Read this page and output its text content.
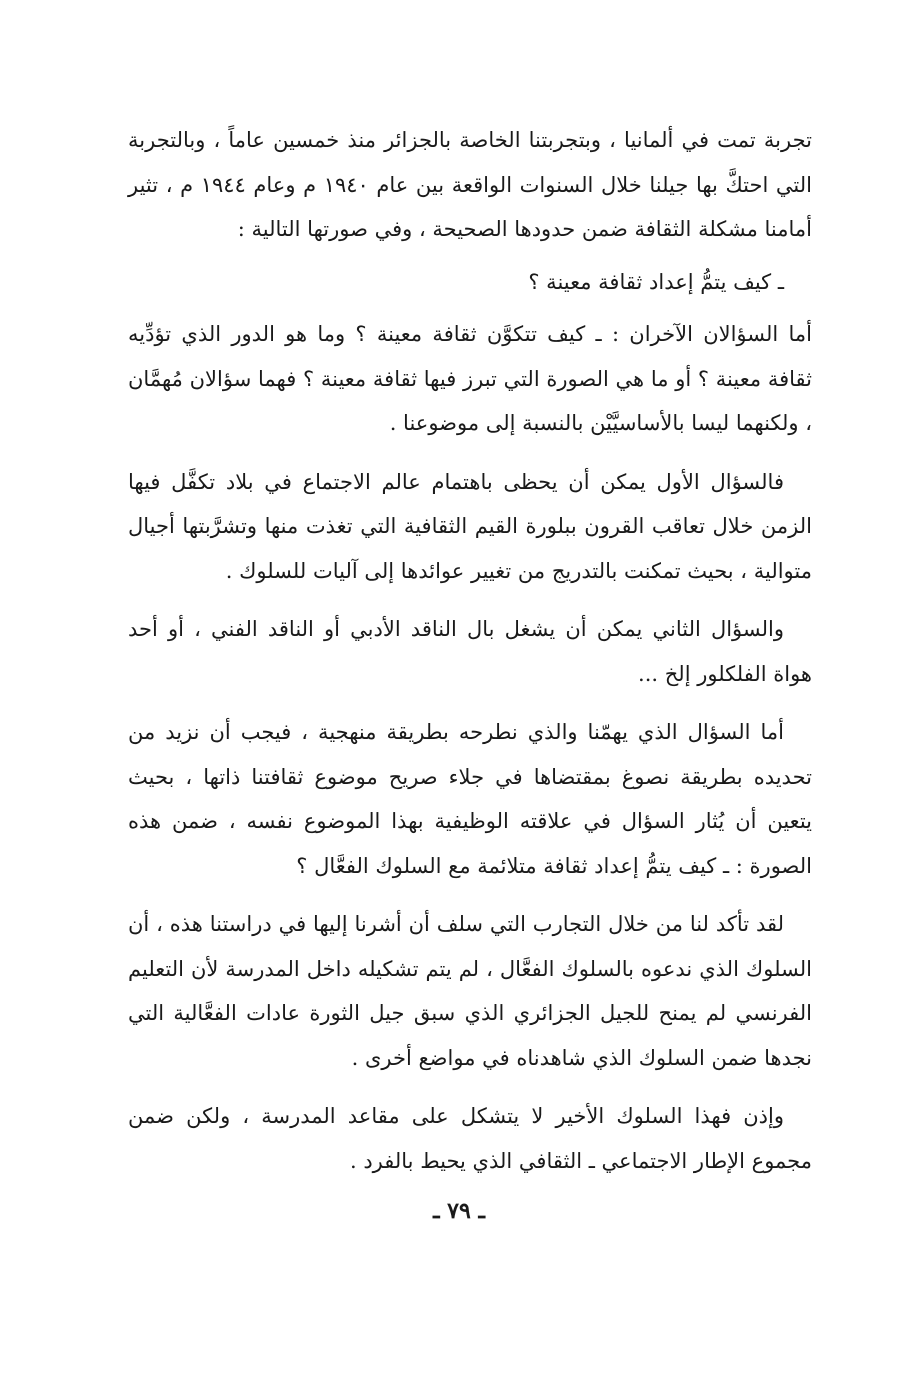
تجربة تمت في ألمانيا ، وبتجربتنا الخاصة بالجزائر منذ خمسين عاماً ، وبالتجربة التي احتكَّ بها جيلنا خلال السنوات الواقعة بين عام ١٩٤٠ م وعام ١٩٤٤ م ، تثير أمامنا مشكلة الثقافة ضمن حدودها الصحيحة ، وفي صورتها التالية :

ـ كيف يتمُّ إعداد ثقافة معينة ؟

أما السؤالان الآخران : ـ كيف تتكوَّن ثقافة معينة ؟ وما هو الدور الذي تؤدِّيه ثقافة معينة ؟ أو ما هي الصورة التي تبرز فيها ثقافة معينة ؟ فهما سؤالان مُهمَّان ، ولكنهما ليسا بالأساسيَّيْن بالنسبة إلى موضوعنا .

فالسؤال الأول يمكن أن يحظى باهتمام عالم الاجتماع في بلاد تكفَّل فيها الزمن خلال تعاقب القرون ببلورة القيم الثقافية التي تغذت منها وتشرَّبتها أجيال متوالية ، بحيث تمكنت بالتدريج من تغيير عوائدها إلى آليات للسلوك .

والسؤال الثاني يمكن أن يشغل بال الناقد الأدبي أو الناقد الفني ، أو أحد هواة الفلكلور إلخ ...

أما السؤال الذي يهمّنا والذي نطرحه بطريقة منهجية ، فيجب أن نزيد من تحديده بطريقة نصوغ بمقتضاها في جلاء صريح موضوع ثقافتنا ذاتها ، بحيث يتعين أن يُثار السؤال في علاقته الوظيفية بهذا الموضوع نفسه ، ضمن هذه الصورة : ـ كيف يتمُّ إعداد ثقافة متلائمة مع السلوك الفعَّال ؟

لقد تأكد لنا من خلال التجارب التي سلف أن أشرنا إليها في دراستنا هذه ، أن السلوك الذي ندعوه بالسلوك الفعَّال ، لم يتم تشكيله داخل المدرسة لأن التعليم الفرنسي لم يمنح للجيل الجزائري الذي سبق جيل الثورة عادات الفعَّالية التي نجدها ضمن السلوك الذي شاهدناه في مواضع أخرى .

وإذن فهذا السلوك الأخير لا يتشكل على مقاعد المدرسة ، ولكن ضمن مجموع الإطار الاجتماعي ـ الثقافي الذي يحيط بالفرد .

ـ ٧٩ ـ
